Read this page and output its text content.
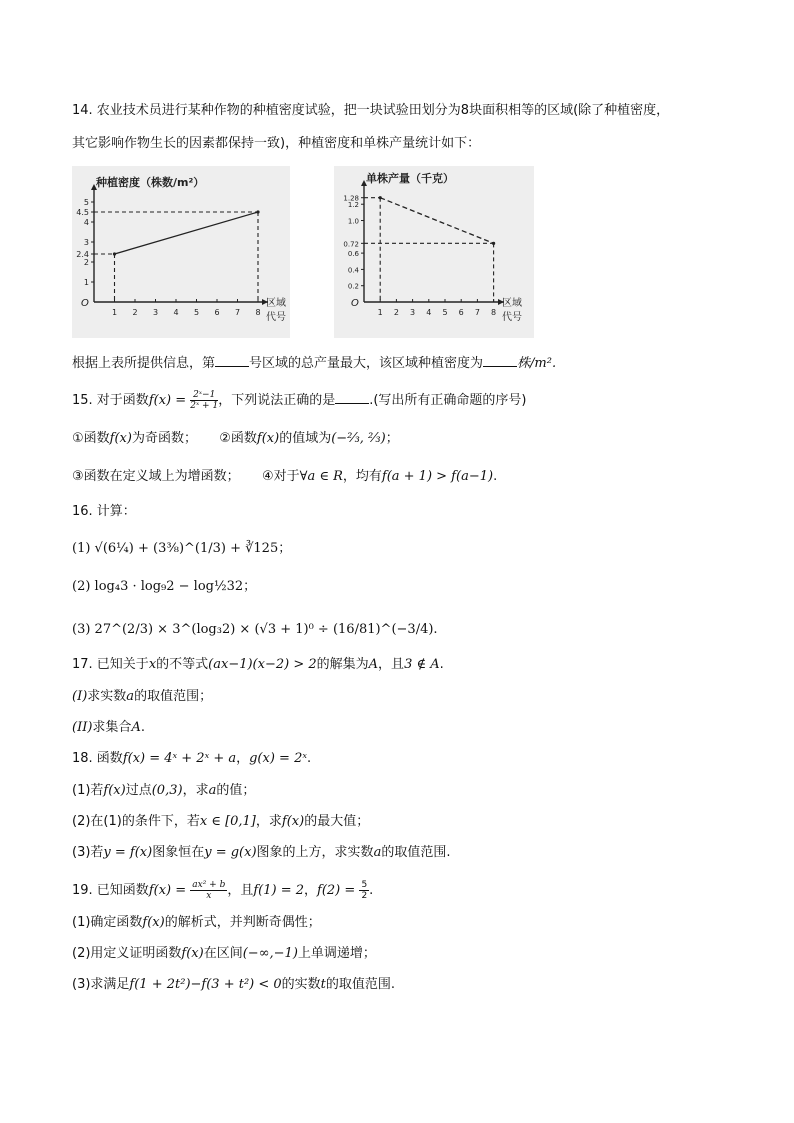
14. 农业技术员进行某种作物的种植密度试验，把一块试验田划分为8块面积相等的区域(除了种植密度，
其它影响作物生长的因素都保持一致)，种植密度和单株产量统计如下：
种植密度（株数/m²）
O
1
2
2.4
3
4
4.5
5
1 2 3 4 5 6 7 8
区域
代号
单株产量（千克）
O
0.2
0.4
0.6
0.72
1.0
1.2
1.28
1 2 3 4 5 6 7 8
区域
代号
根据上表所提供信息，第	号区域的总产量最大，该区域种植密度为	株/m².
15. 对于函数$f(x) = \frac{\text{2ˣ−1}}{\text{2ˣ + 1}}$ ，下列说法正确的是	.(写出所有正确命题的序号)
①函数f(x)为奇函数； ②函数f(x)的值域为(−²⁄₃, ²⁄₃)；
③函数在定义域上为增函数； ④对于∀a ∈ R，均有f(a + 1) > f(a−1).
16. 计算：
(1) √(6¼) + (3⅜)^(1/3) + ∛125；
(2) log₄3 · log₉2 − log½32；
(3) 27^(2/3) × 3^(log₃2) × (√3 + 1)⁰ ÷ (16/81)^(−3/4).
17. 已知关于x的不等式(ax−1)(x−2) > 2的解集为A，且3 ∉ A.
(I)求实数a的取值范围；
(II)求集合A.
18. 函数f(x) = 4ˣ + 2ˣ + a，g(x) = 2ˣ.
(1)若f(x)过点(0,3)，求a的值；
(2)在(1)的条件下，若x ∈ [0,1]，求f(x)的最大值；
(3)若y = f(x)图象恒在y = g(x)图象的上方，求实数a的取值范围.
19. 已知函数$f(x) = \frac{\text{ax² + b}}{x}$ ，且f(1) = 2，$f(2) = \frac{5}{2}$ .
(1)确定函数f(x)的解析式，并判断奇偶性；
(2)用定义证明函数f(x)在区间(−∞,−1)上单调递增；
(3)求满足f(1 + 2t²)−f(3 + t²) < 0的实数t的取值范围.
